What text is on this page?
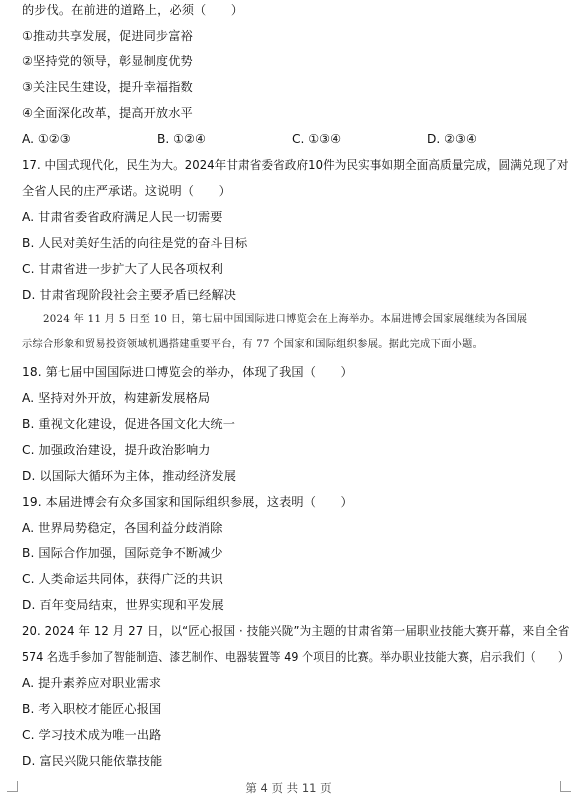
的步伐。在前进的道路上，必须（　　）
①推动共享发展，促进同步富裕
②坚持党的领导，彰显制度优势
③关注民生建设，提升幸福指数
④全面深化改革，提高开放水平
A. ①②③	B. ①②④	C. ①③④	D. ②③④
17. 中国式现代化，民生为大。2024年甘肃省委省政府10件为民实事如期全面高质量完成，圆满兑现了对
全省人民的庄严承诺。这说明（　　）
A. 甘肃省委省政府满足人民一切需要
B. 人民对美好生活的向往是党的奋斗目标
C. 甘肃省进一步扩大了人民各项权利
D. 甘肃省现阶段社会主要矛盾已经解决
　　2024 年 11 月 5 日至 10 日，第七届中国国际进口博览会在上海举办。本届进博会国家展继续为各国展
示综合形象和贸易投资领域机遇搭建重要平台，有 77 个国家和国际组织参展。据此完成下面小题。
18. 第七届中国国际进口博览会的举办，体现了我国（　　）
A. 坚持对外开放，构建新发展格局
B. 重视文化建设，促进各国文化大统一
C. 加强政治建设，提升政治影响力
D. 以国际大循环为主体，推动经济发展
19. 本届进博会有众多国家和国际组织参展，这表明（　　）
A. 世界局势稳定，各国利益分歧消除
B. 国际合作加强，国际竞争不断减少
C. 人类命运共同体，获得广泛的共识
D. 百年变局结束，世界实现和平发展
20. 2024 年 12 月 27 日，以“匠心报国 · 技能兴陇”为主题的甘肃省第一届职业技能大赛开幕，来自全省
574 名选手参加了智能制造、漆艺制作、电器装置等 49 个项目的比赛。举办职业技能大赛，启示我们（　　）
A. 提升素养应对职业需求
B. 考入职校才能匠心报国
C. 学习技术成为唯一出路
D. 富民兴陇只能依靠技能
第 4 页 共 11 页
